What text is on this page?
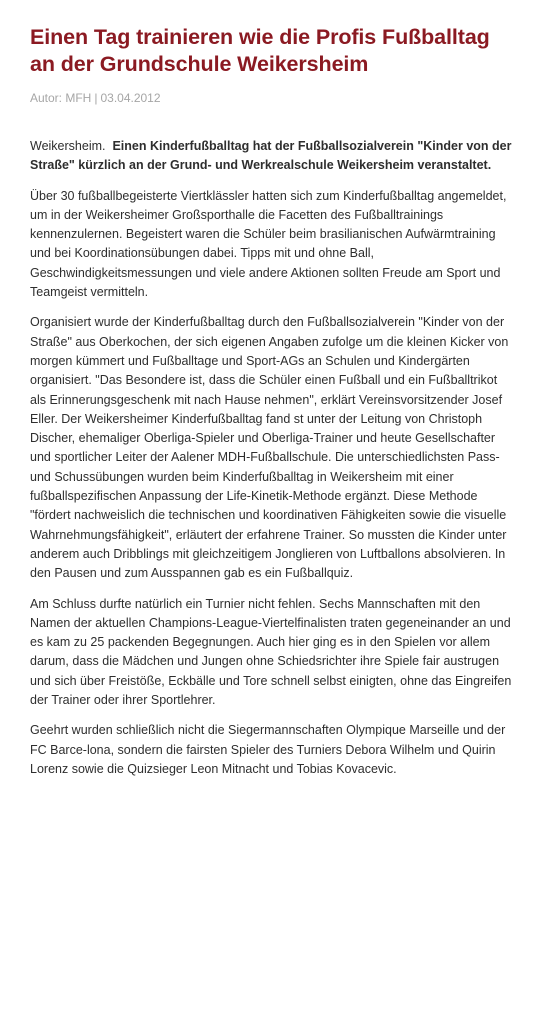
Einen Tag trainieren wie die Profis Fußballtag an der Grundschule Weikersheim
Autor: MFH | 03.04.2012

Weikersheim. Einen Kinderfußballtag hat der Fußballsozialverein "Kinder von der Straße" kürzlich an der Grund- und Werkrealschule Weikersheim veranstaltet.

Über 30 fußballbegeisterte Viertklässler hatten sich zum Kinderfußballtag angemeldet, um in der Weikersheimer Großsporthalle die Facetten des Fußballtrainings kennenzulernen. Begeistert waren die Schüler beim brasilianischen Aufwärmtraining und bei Koordinationsübungen dabei. Tipps mit und ohne Ball, Geschwindigkeitsmessungen und viele andere Aktionen sollten Freude am Sport und Teamgeist vermitteln.

Organisiert wurde der Kinderfußballtag durch den Fußballsozialverein "Kinder von der Straße" aus Oberkochen, der sich eigenen Angaben zufolge um die kleinen Kicker von morgen kümmert und Fußballtage und Sport-AGs an Schulen und Kindergärten organisiert. "Das Besondere ist, dass die Schüler einen Fußball und ein Fußballtrikot als Erinnerungsgeschenk mit nach Hause nehmen", erklärt Vereinsvorsitzender Josef Eller. Der Weikersheimer Kinderfußballtag fand st unter der Leitung von Christoph Discher, ehemaliger Oberliga-Spieler und Oberliga-Trainer und heute Gesellschafter und sportlicher Leiter der Aalener MDH-Fußballschule. Die unterschiedlichsten Pass- und Schussübungen wurden beim Kinderfußballtag in Weikersheim mit einer fußballspezifischen Anpassung der Life-Kinetik-Methode ergänzt. Diese Methode "fördert nachweislich die technischen und koordinativen Fähigkeiten sowie die visuelle Wahrnehmungsfähigkeit", erläutert der erfahrene Trainer. So mussten die Kinder unter anderem auch Dribblings mit gleichzeitigem Jonglieren von Luftballons absolvieren. In den Pausen und zum Ausspannen gab es ein Fußballquiz.

Am Schluss durfte natürlich ein Turnier nicht fehlen. Sechs Mannschaften mit den Namen der aktuellen Champions-League-Viertelfinalisten traten gegeneinander an und es kam zu 25 packenden Begegnungen. Auch hier ging es in den Spielen vor allem darum, dass die Mädchen und Jungen ohne Schiedsrichter ihre Spiele fair austrugen und sich über Freistöße, Eckbälle und Tore schnell selbst einigten, ohne das Eingreifen der Trainer oder ihrer Sportlehrer.

Geehrt wurden schließlich nicht die Siegermannschaften Olympique Marseille und der FC Barce-lona, sondern die fairsten Spieler des Turniers Debora Wilhelm und Quirin Lorenz sowie die Quizsieger Leon Mitnacht und Tobias Kovacevic.
